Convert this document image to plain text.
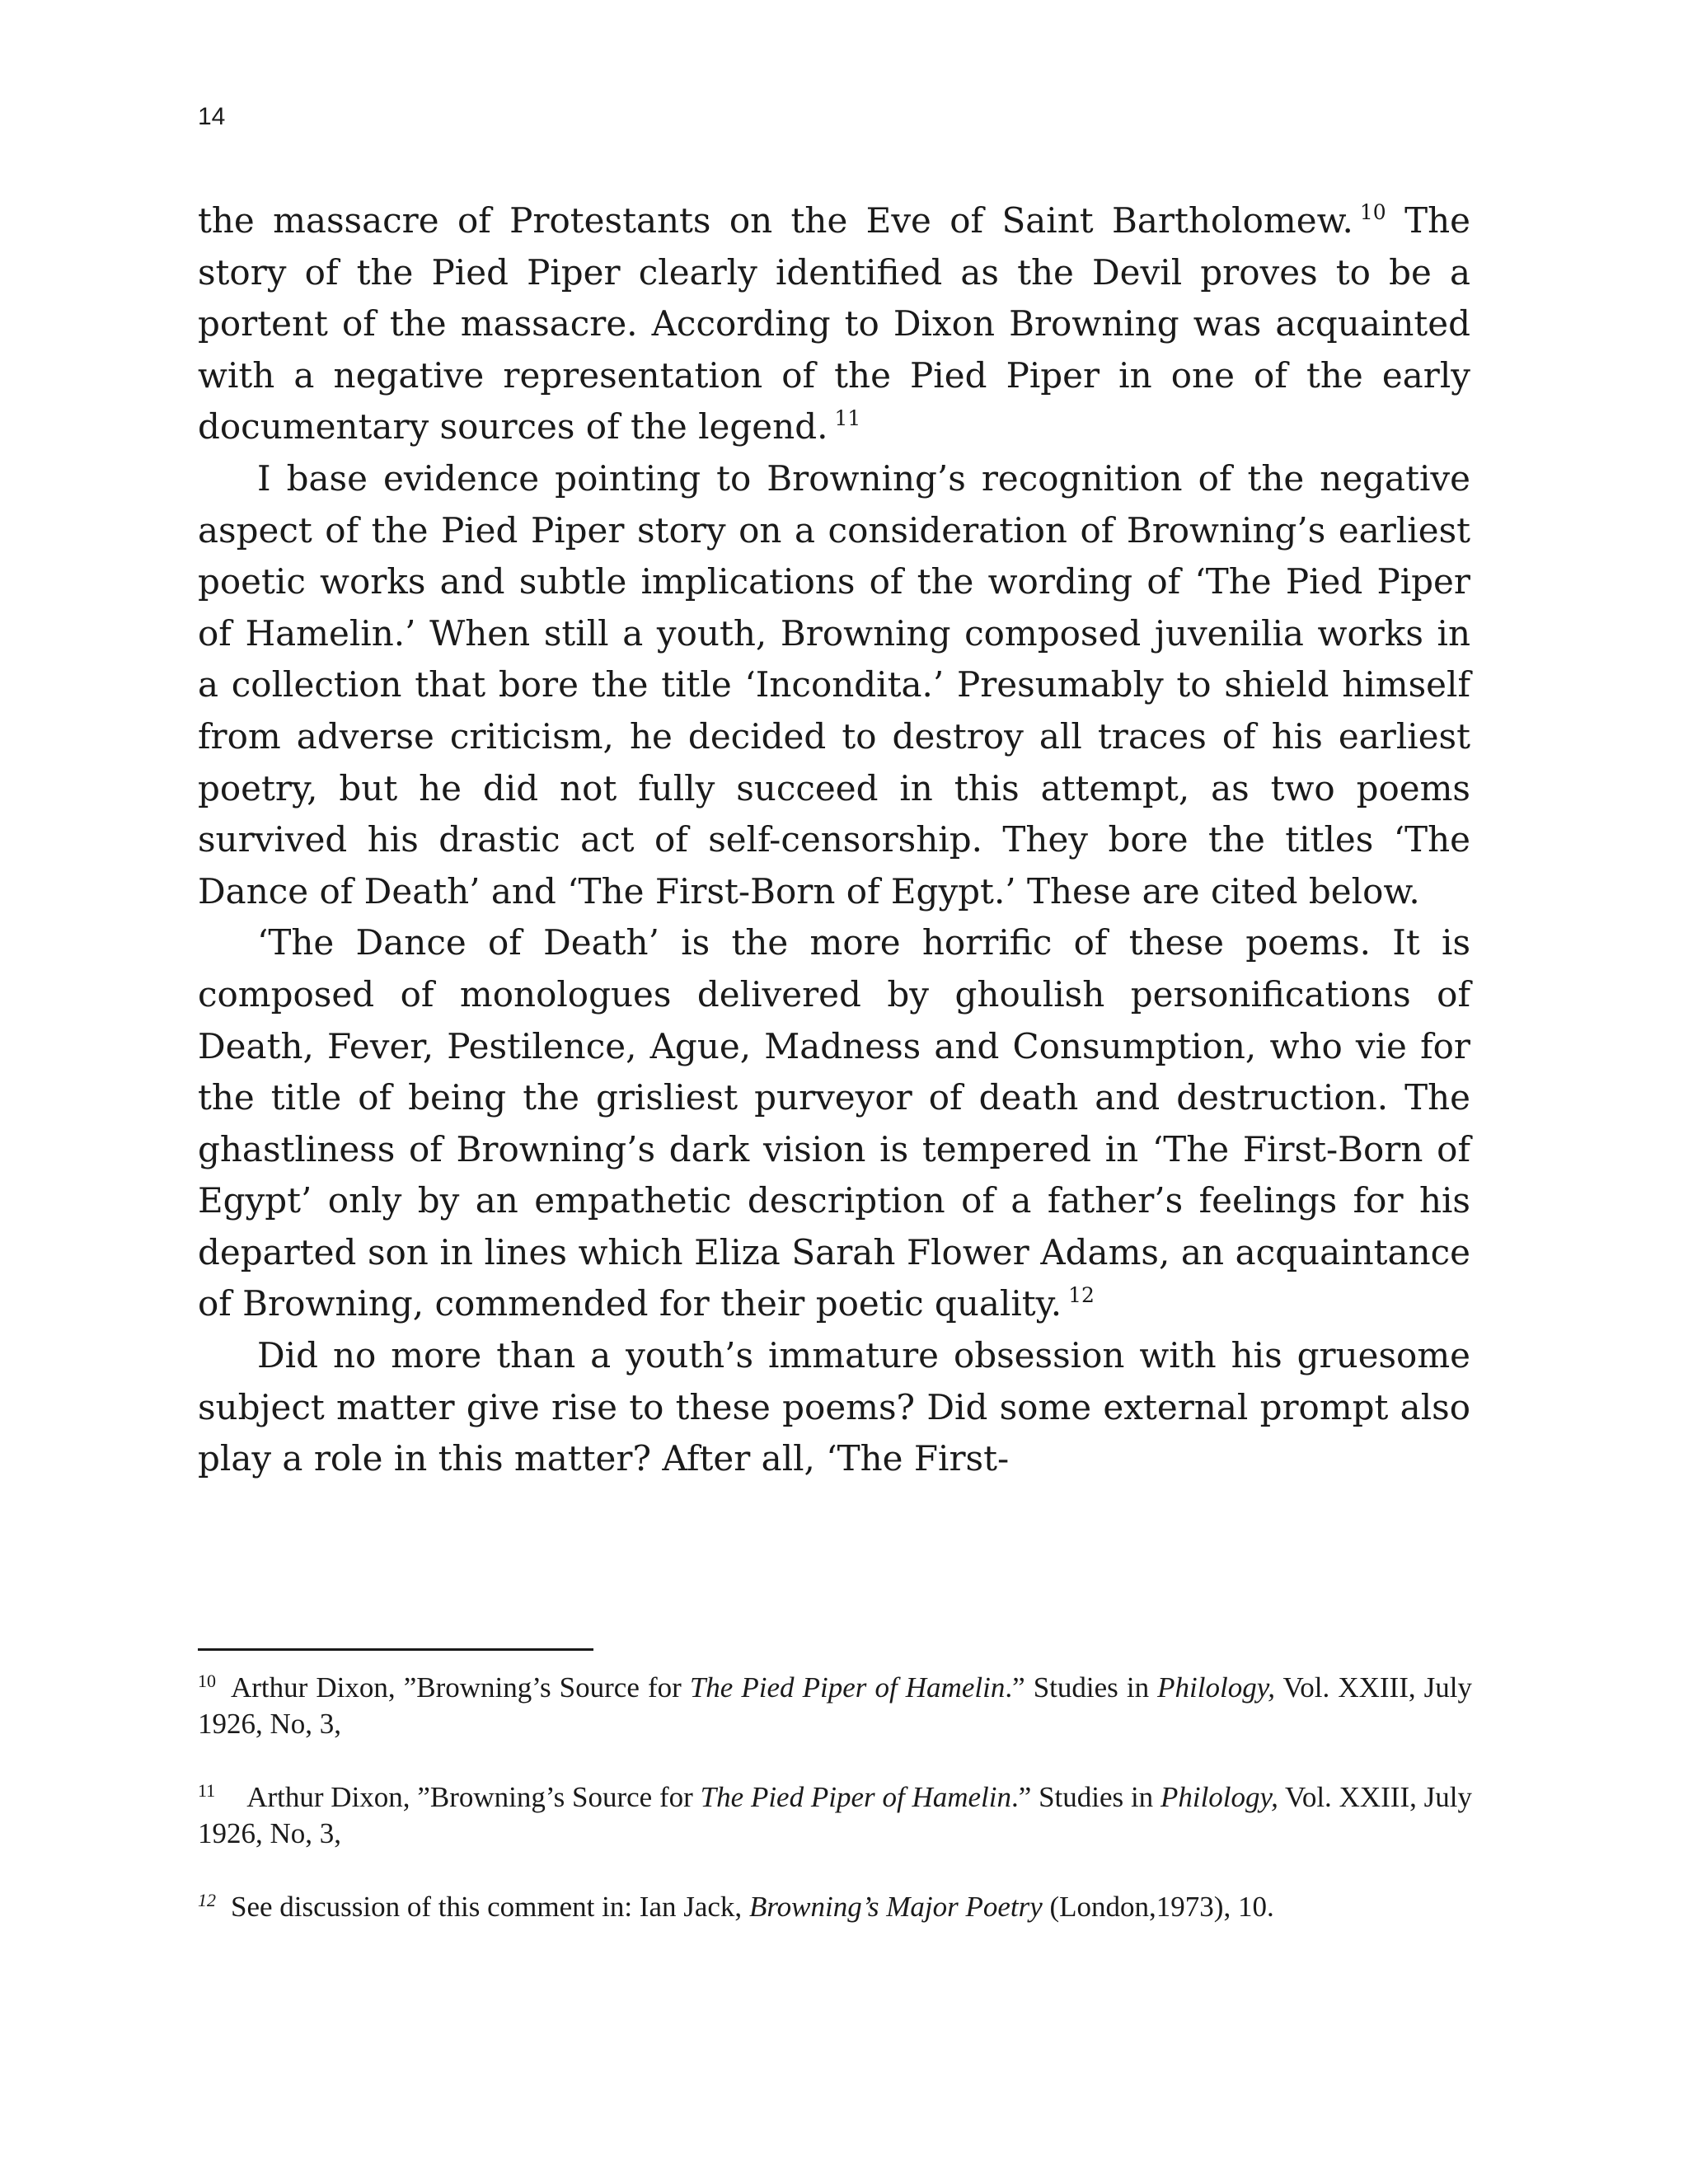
14

the massacre of Protestants on the Eve of Saint Bartholomew. $^{10}$ The story of the Pied Piper clearly identified as the Devil proves to be a portent of the massacre. According to Dixon Browning was acquainted with a negative representation of the Pied Piper in one of the early documentary sources of the legend. $^{11}$

I base evidence pointing to Browning’s recognition of the negative aspect of the Pied Piper story on a consideration of Browning’s earliest poetic works and subtle implications of the wording of ‘The Pied Piper of Hamelin.’ When still a youth, Browning composed juvenilia works in a collection that bore the title ‘Incondita.’ Presumably to shield himself from adverse criticism, he decided to destroy all traces of his earliest poetry, but he did not fully succeed in this attempt, as two poems survived his drastic act of self-censorship. They bore the titles ‘The Dance of Death’ and ‘The First-Born of Egypt.’ These are cited below.

‘The Dance of Death’ is the more horrific of these poems. It is composed of monologues delivered by ghoulish personifications of Death, Fever, Pestilence, Ague, Madness and Consumption, who vie for the title of being the grisliest purveyor of death and destruction. The ghastliness of Browning’s dark vision is tempered in ‘The First-Born of Egypt’ only by an empathetic description of a father’s feelings for his departed son in lines which Eliza Sarah Flower Adams, an acquaintance of Browning, commended for their poetic quality. $^{12}$

Did no more than a youth’s immature obsession with his gruesome subject matter give rise to these poems? Did some external prompt also play a role in this matter? After all, ‘The First-

$^{10}$ Arthur Dixon, ”Browning’s Source for The Pied Piper of Hamelin.” Studies in Philology, Vol. XXIII, July 1926, No, 3,

$^{11}$ Arthur Dixon, ”Browning’s Source for The Pied Piper of Hamelin.” Studies in Philology, Vol. XXIII, July 1926, No, 3,

$^{12}$ See discussion of this comment in: Ian Jack, Browning’s Major Poetry (London,1973), 10.
